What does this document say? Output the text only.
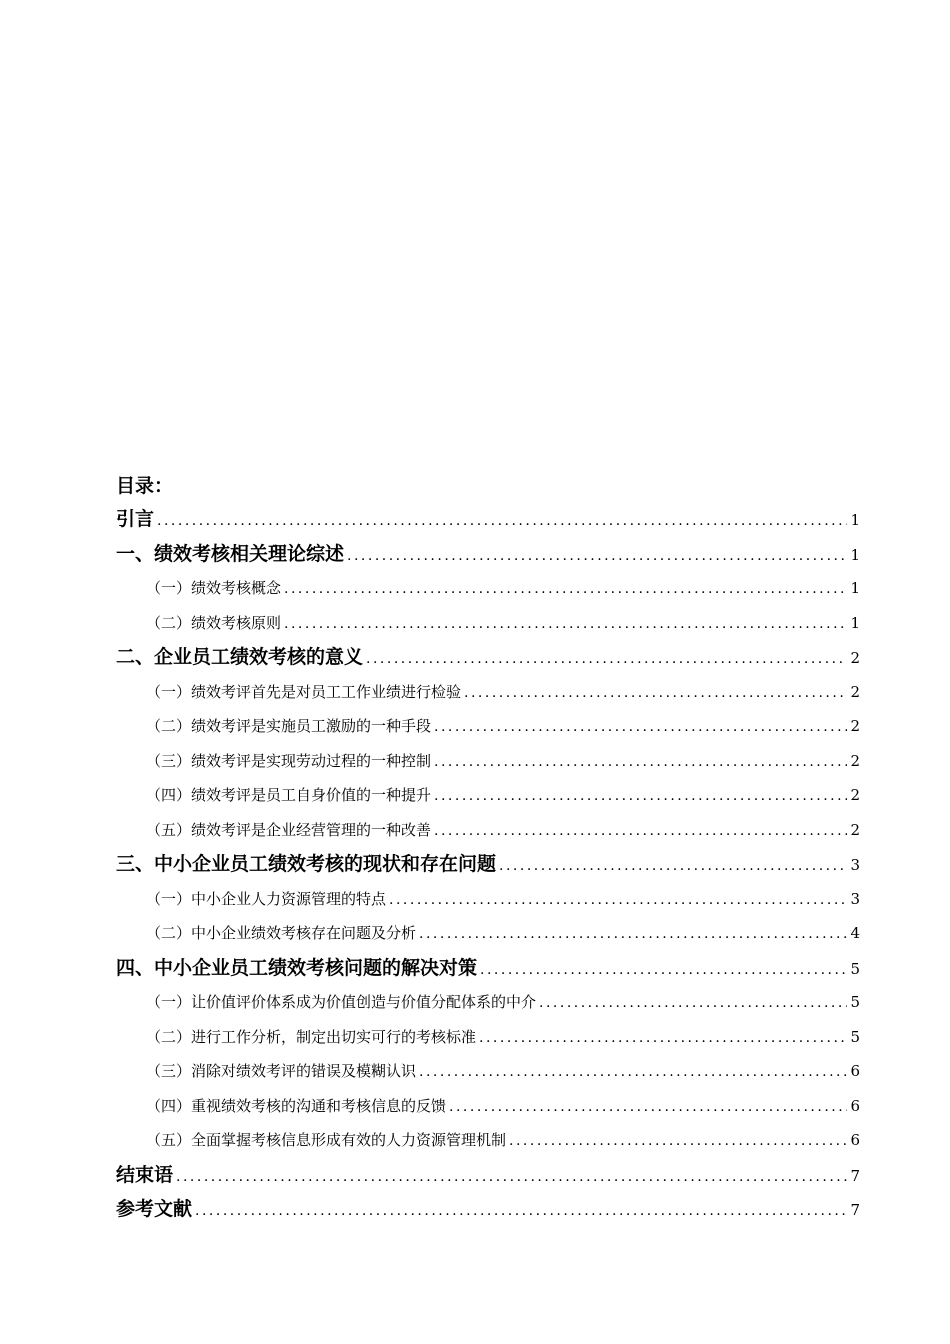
目录：
引言 .....	1
一、绩效考核相关理论综述 .....	1
（一）绩效考核概念 .....	1
（二）绩效考核原则 .....	1
二、企业员工绩效考核的意义 .....	2
（一）绩效考评首先是对员工工作业绩进行检验 .....	2
（二）绩效考评是实施员工激励的一种手段 .....	2
（三）绩效考评是实现劳动过程的一种控制 .....	2
（四）绩效考评是员工自身价值的一种提升 .....	2
（五）绩效考评是企业经营管理的一种改善 .....	2
三、中小企业员工绩效考核的现状和存在问题 .....	3
（一）中小企业人力资源管理的特点 .....	3
（二）中小企业绩效考核存在问题及分析 .....	4
四、中小企业员工绩效考核问题的解决对策 .....	5
（一）让价值评价体系成为价值创造与价值分配体系的中介 .....	5
（二）进行工作分析，制定出切实可行的考核标准 .....	5
（三）消除对绩效考评的错误及模糊认识 .....	6
（四）重视绩效考核的沟通和考核信息的反馈 .....	6
（五）全面掌握考核信息形成有效的人力资源管理机制 .....	6
结束语 .....	7
参考文献 .....	7
